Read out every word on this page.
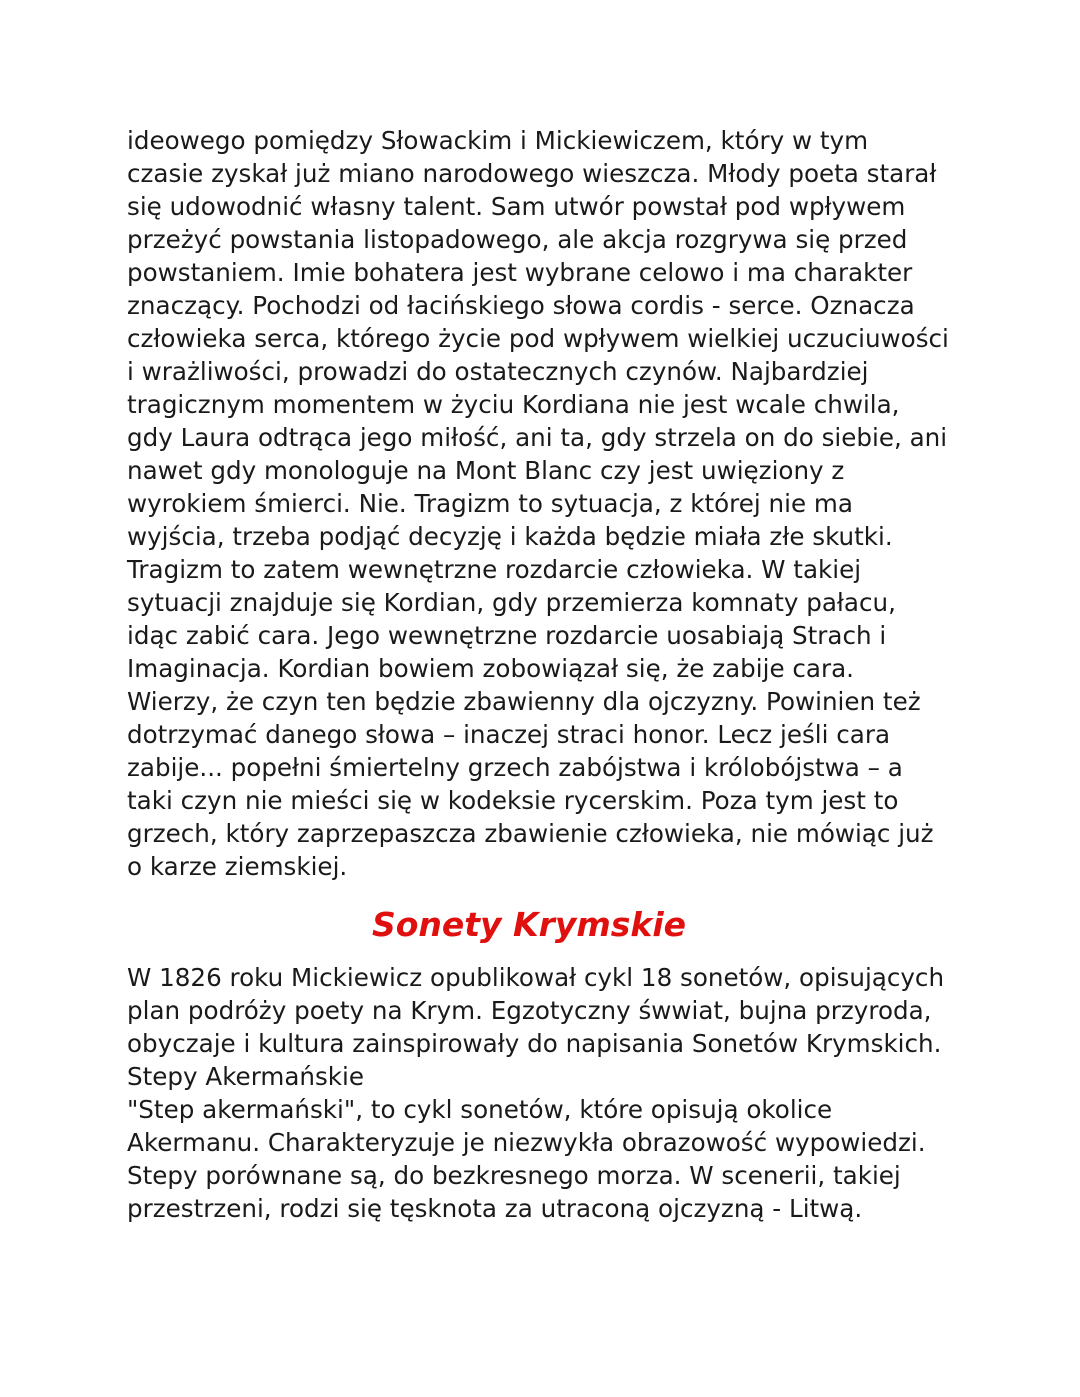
ideowego pomiędzy Słowackim i Mickiewiczem, który w tym
czasie zyskał już miano narodowego wieszcza. Młody poeta starał
się udowodnić własny talent. Sam utwór powstał pod wpływem
przeżyć powstania listopadowego, ale akcja rozgrywa się przed
powstaniem. Imie bohatera jest wybrane celowo i ma charakter
znaczący. Pochodzi od łacińskiego słowa cordis - serce. Oznacza
człowieka serca, którego życie pod wpływem wielkiej uczuciuwości
i wrażliwości, prowadzi do ostatecznych czynów. Najbardziej
tragicznym momentem w życiu Kordiana nie jest wcale chwila,
gdy Laura odtrąca jego miłość, ani ta, gdy strzela on do siebie, ani
nawet gdy monologuje na Mont Blanc czy jest uwięziony z
wyrokiem śmierci. Nie. Tragizm to sytuacja, z której nie ma
wyjścia, trzeba podjąć decyzję i każda będzie miała złe skutki.
Tragizm to zatem wewnętrzne rozdarcie człowieka. W takiej
sytuacji znajduje się Kordian, gdy przemierza komnaty pałacu,
idąc zabić cara. Jego wewnętrzne rozdarcie uosabiają Strach i
Imaginacja. Kordian bowiem zobowiązał się, że zabije cara.
Wierzy, że czyn ten będzie zbawienny dla ojczyzny. Powinien też
dotrzymać danego słowa – inaczej straci honor. Lecz jeśli cara
zabije... popełni śmiertelny grzech zabójstwa i królobójstwa – a
taki czyn nie mieści się w kodeksie rycerskim. Poza tym jest to
grzech, który zaprzepaszcza zbawienie człowieka, nie mówiąc już
o karze ziemskiej.

Sonety Krymskie

W 1826 roku Mickiewicz opublikował cykl 18 sonetów, opisujących
plan podróży poety na Krym. Egzotyczny śwwiat, bujna przyroda,
obyczaje i kultura zainspirowały do napisania Sonetów Krymskich.

Stepy Akermańskie

"Step akermański", to cykl sonetów, które opisują okolice
Akermanu. Charakteryzuje je niezwykła obrazowość wypowiedzi.
Stepy porównane są, do bezkresnego morza. W scenerii, takiej
przestrzeni, rodzi się tęsknota za utraconą ojczyzną - Litwą.
